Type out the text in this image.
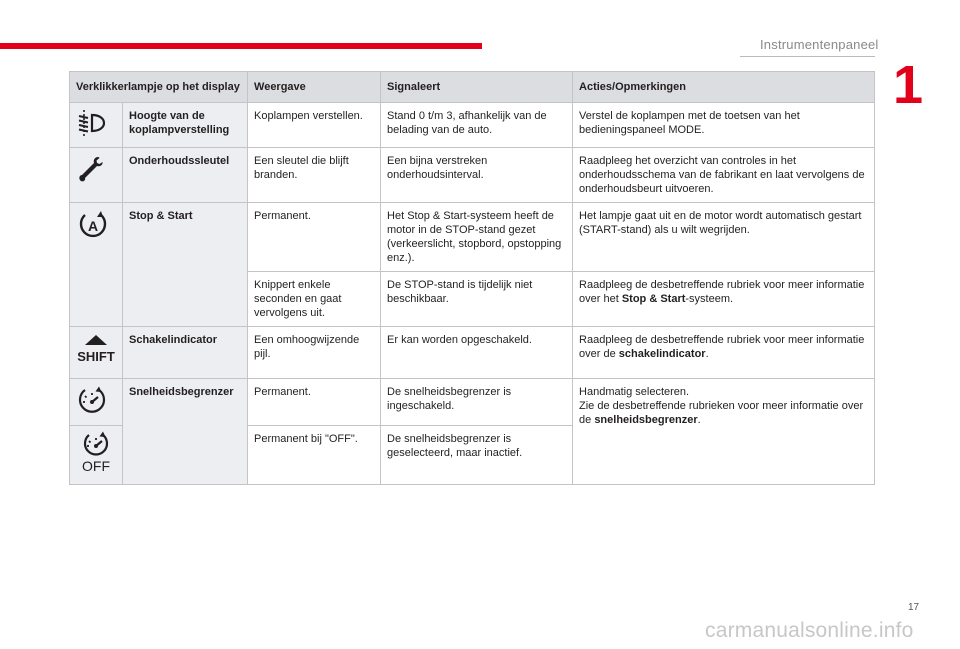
Instrumentenpaneel
1
Verklikkerlampje op het display		Weergave	Signaleert	Acties/Opmerkingen
	Hoogte van de koplampverstelling	Koplampen verstellen.	Stand 0 t/m 3, afhankelijk van de belading van de auto.	Verstel de koplampen met de toetsen van het bedieningspaneel MODE.
	Onderhoudssleutel	Een sleutel die blijft branden.	Een bijna verstreken onderhoudsinterval.	Raadpleeg het overzicht van controles in het onderhoudsschema van de fabrikant en laat vervolgens de onderhoudsbeurt uitvoeren.

A	Stop & Start	Permanent.	Het Stop & Start-systeem heeft de motor in de STOP-stand gezet (verkeerslicht, stopbord, opstopping enz.).	Het lampje gaat uit en de motor wordt automatisch gestart (START-stand) als u wilt wegrijden.
		Knippert enkele seconden en gaat vervolgens uit.	De STOP-stand is tijdelijk niet beschikbaar.	Raadpleeg de desbetreffende rubriek voor meer informatie over het Stop & Start-systeem.

SHIFT	Schakelindicator	Een omhoogwijzende pijl.	Er kan worden opgeschakeld.	Raadpleeg de desbetreffende rubriek voor meer informatie over de schakelindicator.
	Snelheidsbegrenzer	Permanent.	De snelheidsbegrenzer is ingeschakeld.	Handmatig selecteren.
Zie de desbetreffende rubrieken voor meer informatie over de snelheidsbegrenzer.

OFF		Permanent bij "OFF".	De snelheidsbegrenzer is geselecteerd, maar inactief.	
17
carmanualsonline.info
